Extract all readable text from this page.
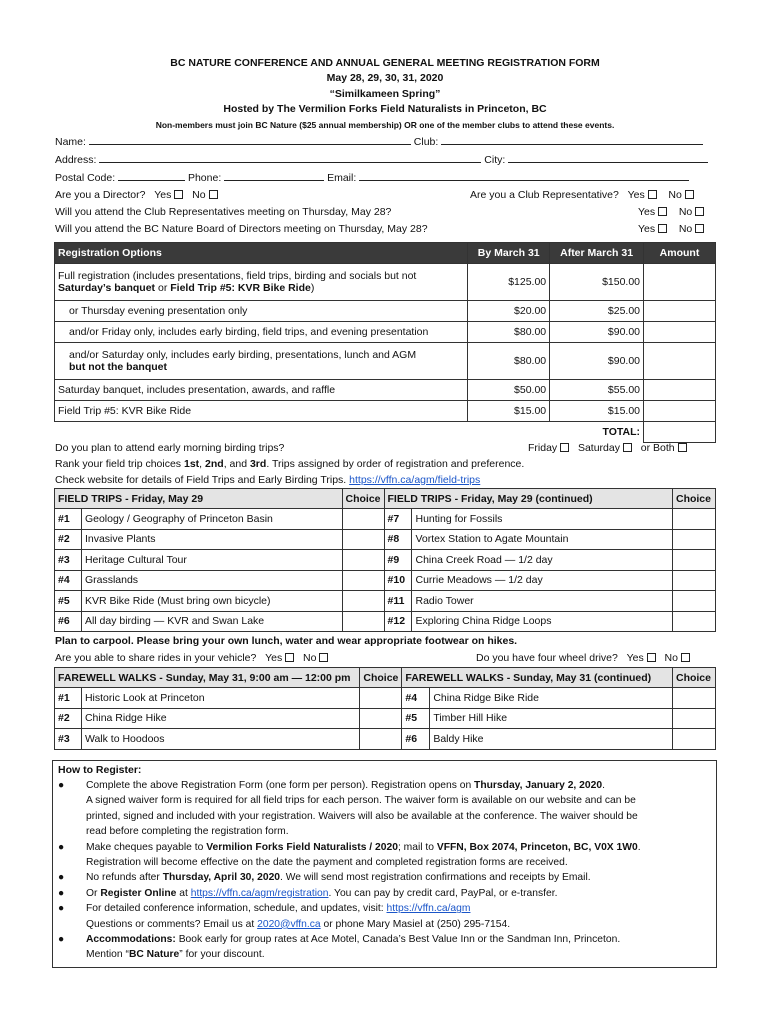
BC NATURE CONFERENCE AND ANNUAL GENERAL MEETING REGISTRATION FORM
May 28, 29, 30, 31, 2020
“Similkameen Spring”
Hosted by The Vermilion Forks Field Naturalists in Princeton, BC
Non-members must join BC Nature ($25 annual membership) OR one of the member clubs to attend these events.
Name:	Club:
Address:	City:
Postal Code:	Phone:	Email:
Are you a Director? Yes No	Are you a Club Representative? Yes No
Will you attend the Club Representatives meeting on Thursday, May 28?	Yes No
Will you attend the BC Nature Board of Directors meeting on Thursday, May 28?	Yes No
Registration Options	By March 31	After March 31	Amount
Full registration (includes presentations, field trips, birding and socials but not
Saturday’s banquet or Field Trip #5: KVR Bike Ride)	$125.00	$150.00	
or Thursday evening presentation only	$20.00	$25.00	
and/or Friday only, includes early birding, field trips, and evening presentation	$80.00	$90.00	
and/or Saturday only, includes early birding, presentations, lunch and AGM
but not the banquet	$80.00	$90.00	
Saturday banquet, includes presentation, awards, and raffle	$50.00	$55.00	
Field Trip #5: KVR Bike Ride	$15.00	$15.00	
		TOTAL:	
Do you plan to attend early morning birding trips?	Friday Saturday or Both
Rank your field trip choices 1st, 2nd, and 3rd. Trips assigned by order of registration and preference.
Check website for details of Field Trips and Early Birding Trips. https://vffn.ca/agm/field-trips
FIELD TRIPS - Friday, May 29		Choice	FIELD TRIPS - Friday, May 29 (continued)		Choice
#1	Geology / Geography of Princeton Basin		#7	Hunting for Fossils	
#2	Invasive Plants		#8	Vortex Station to Agate Mountain	
#3	Heritage Cultural Tour		#9	China Creek Road — 1/2 day	
#4	Grasslands		#10	Currie Meadows — 1/2 day	
#5	KVR Bike Ride (Must bring own bicycle)		#11	Radio Tower	
#6	All day birding — KVR and Swan Lake		#12	Exploring China Ridge Loops	
Plan to carpool. Please bring your own lunch, water and wear appropriate footwear on hikes.
Are you able to share rides in your vehicle? Yes No	Do you have four wheel drive? Yes No
FAREWELL WALKS - Sunday, May 31, 9:00 am — 12:00 pm		Choice	FAREWELL WALKS - Sunday, May 31 (continued)		Choice
#1	Historic Look at Princeton		#4	China Ridge Bike Ride	
#2	China Ridge Hike		#5	Timber Hill Hike	
#3	Walk to Hoodoos		#6	Baldy Hike	
How to Register:
● Complete the above Registration Form (one form per person). Registration opens on Thursday, January 2, 2020.
A signed waiver form is required for all field trips for each person. The waiver form is available on our website and can be
printed, signed and included with your registration. Waivers will also be available at the conference. The waiver should be
read before completing the registration form.
● Make cheques payable to Vermilion Forks Field Naturalists / 2020; mail to VFFN, Box 2074, Princeton, BC, V0X 1W0.
Registration will become effective on the date the payment and completed registration forms are received.
● No refunds after Thursday, April 30, 2020. We will send most registration confirmations and receipts by Email.
● Or Register Online at https://vffn.ca/agm/registration. You can pay by credit card, PayPal, or e-transfer.
● For detailed conference information, schedule, and updates, visit: https://vffn.ca/agm
Questions or comments? Email us at 2020@vffn.ca or phone Mary Masiel at (250) 295-7154.
● Accommodations: Book early for group rates at Ace Motel, Canada’s Best Value Inn or the Sandman Inn, Princeton.
Mention “BC Nature” for your discount.
